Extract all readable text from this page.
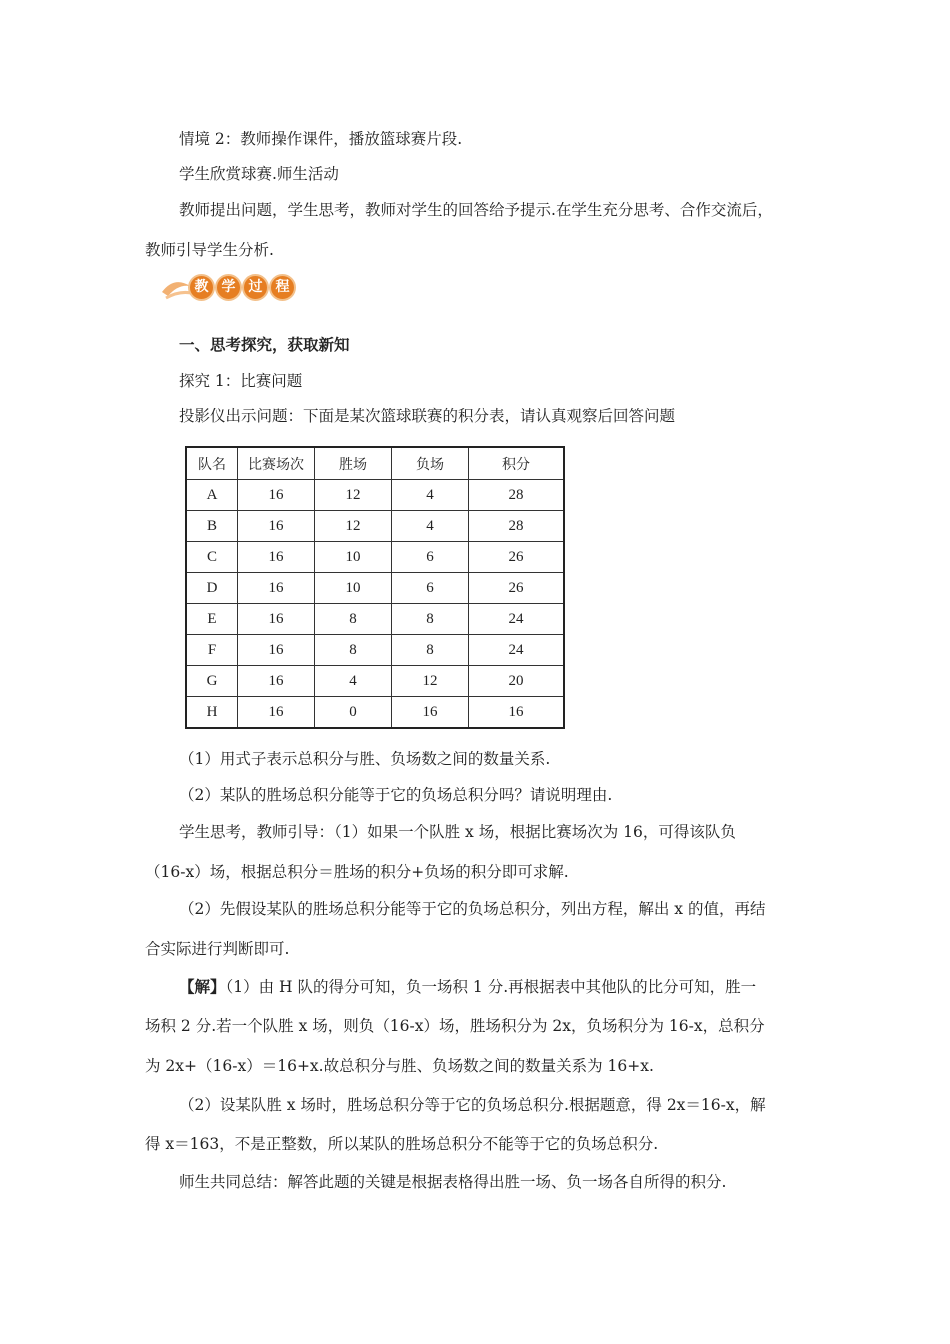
情境 2：教师操作课件，播放篮球赛片段.
学生欣赏球赛.师生活动
教师提出问题，学生思考，教师对学生的回答给予提示.在学生充分思考、合作交流后，
教师引导学生分析.
教 学 过 程
一、思考探究，获取新知
探究 1：比赛问题
投影仪出示问题：下面是某次篮球联赛的积分表，请认真观察后回答问题
队名	比赛场次	胜场	负场	积分
A	16	12	4	28
B	16	12	4	28
C	16	10	6	26
D	16	10	6	26
E	16	8	8	24
F	16	8	8	24
G	16	4	12	20
H	16	0	16	16
（1）用式子表示总积分与胜、负场数之间的数量关系.
（2）某队的胜场总积分能等于它的负场总积分吗？请说明理由.
学生思考，教师引导：（1）如果一个队胜 x 场，根据比赛场次为 16，可得该队负
（16-x）场，根据总积分＝胜场的积分+负场的积分即可求解.
（2）先假设某队的胜场总积分能等于它的负场总积分，列出方程，解出 x 的值，再结
合实际进行判断即可.
【解】（1）由 H 队的得分可知，负一场积 1 分.再根据表中其他队的比分可知，胜一
场积 2 分.若一个队胜 x 场，则负（16-x）场，胜场积分为 2x，负场积分为 16-x，总积分
为 2x+（16-x）＝16+x.故总积分与胜、负场数之间的数量关系为 16+x.
（2）设某队胜 x 场时，胜场总积分等于它的负场总积分.根据题意，得 2x＝16-x，解
得 x＝163，不是正整数，所以某队的胜场总积分不能等于它的负场总积分.
师生共同总结：解答此题的关键是根据表格得出胜一场、负一场各自所得的积分.
